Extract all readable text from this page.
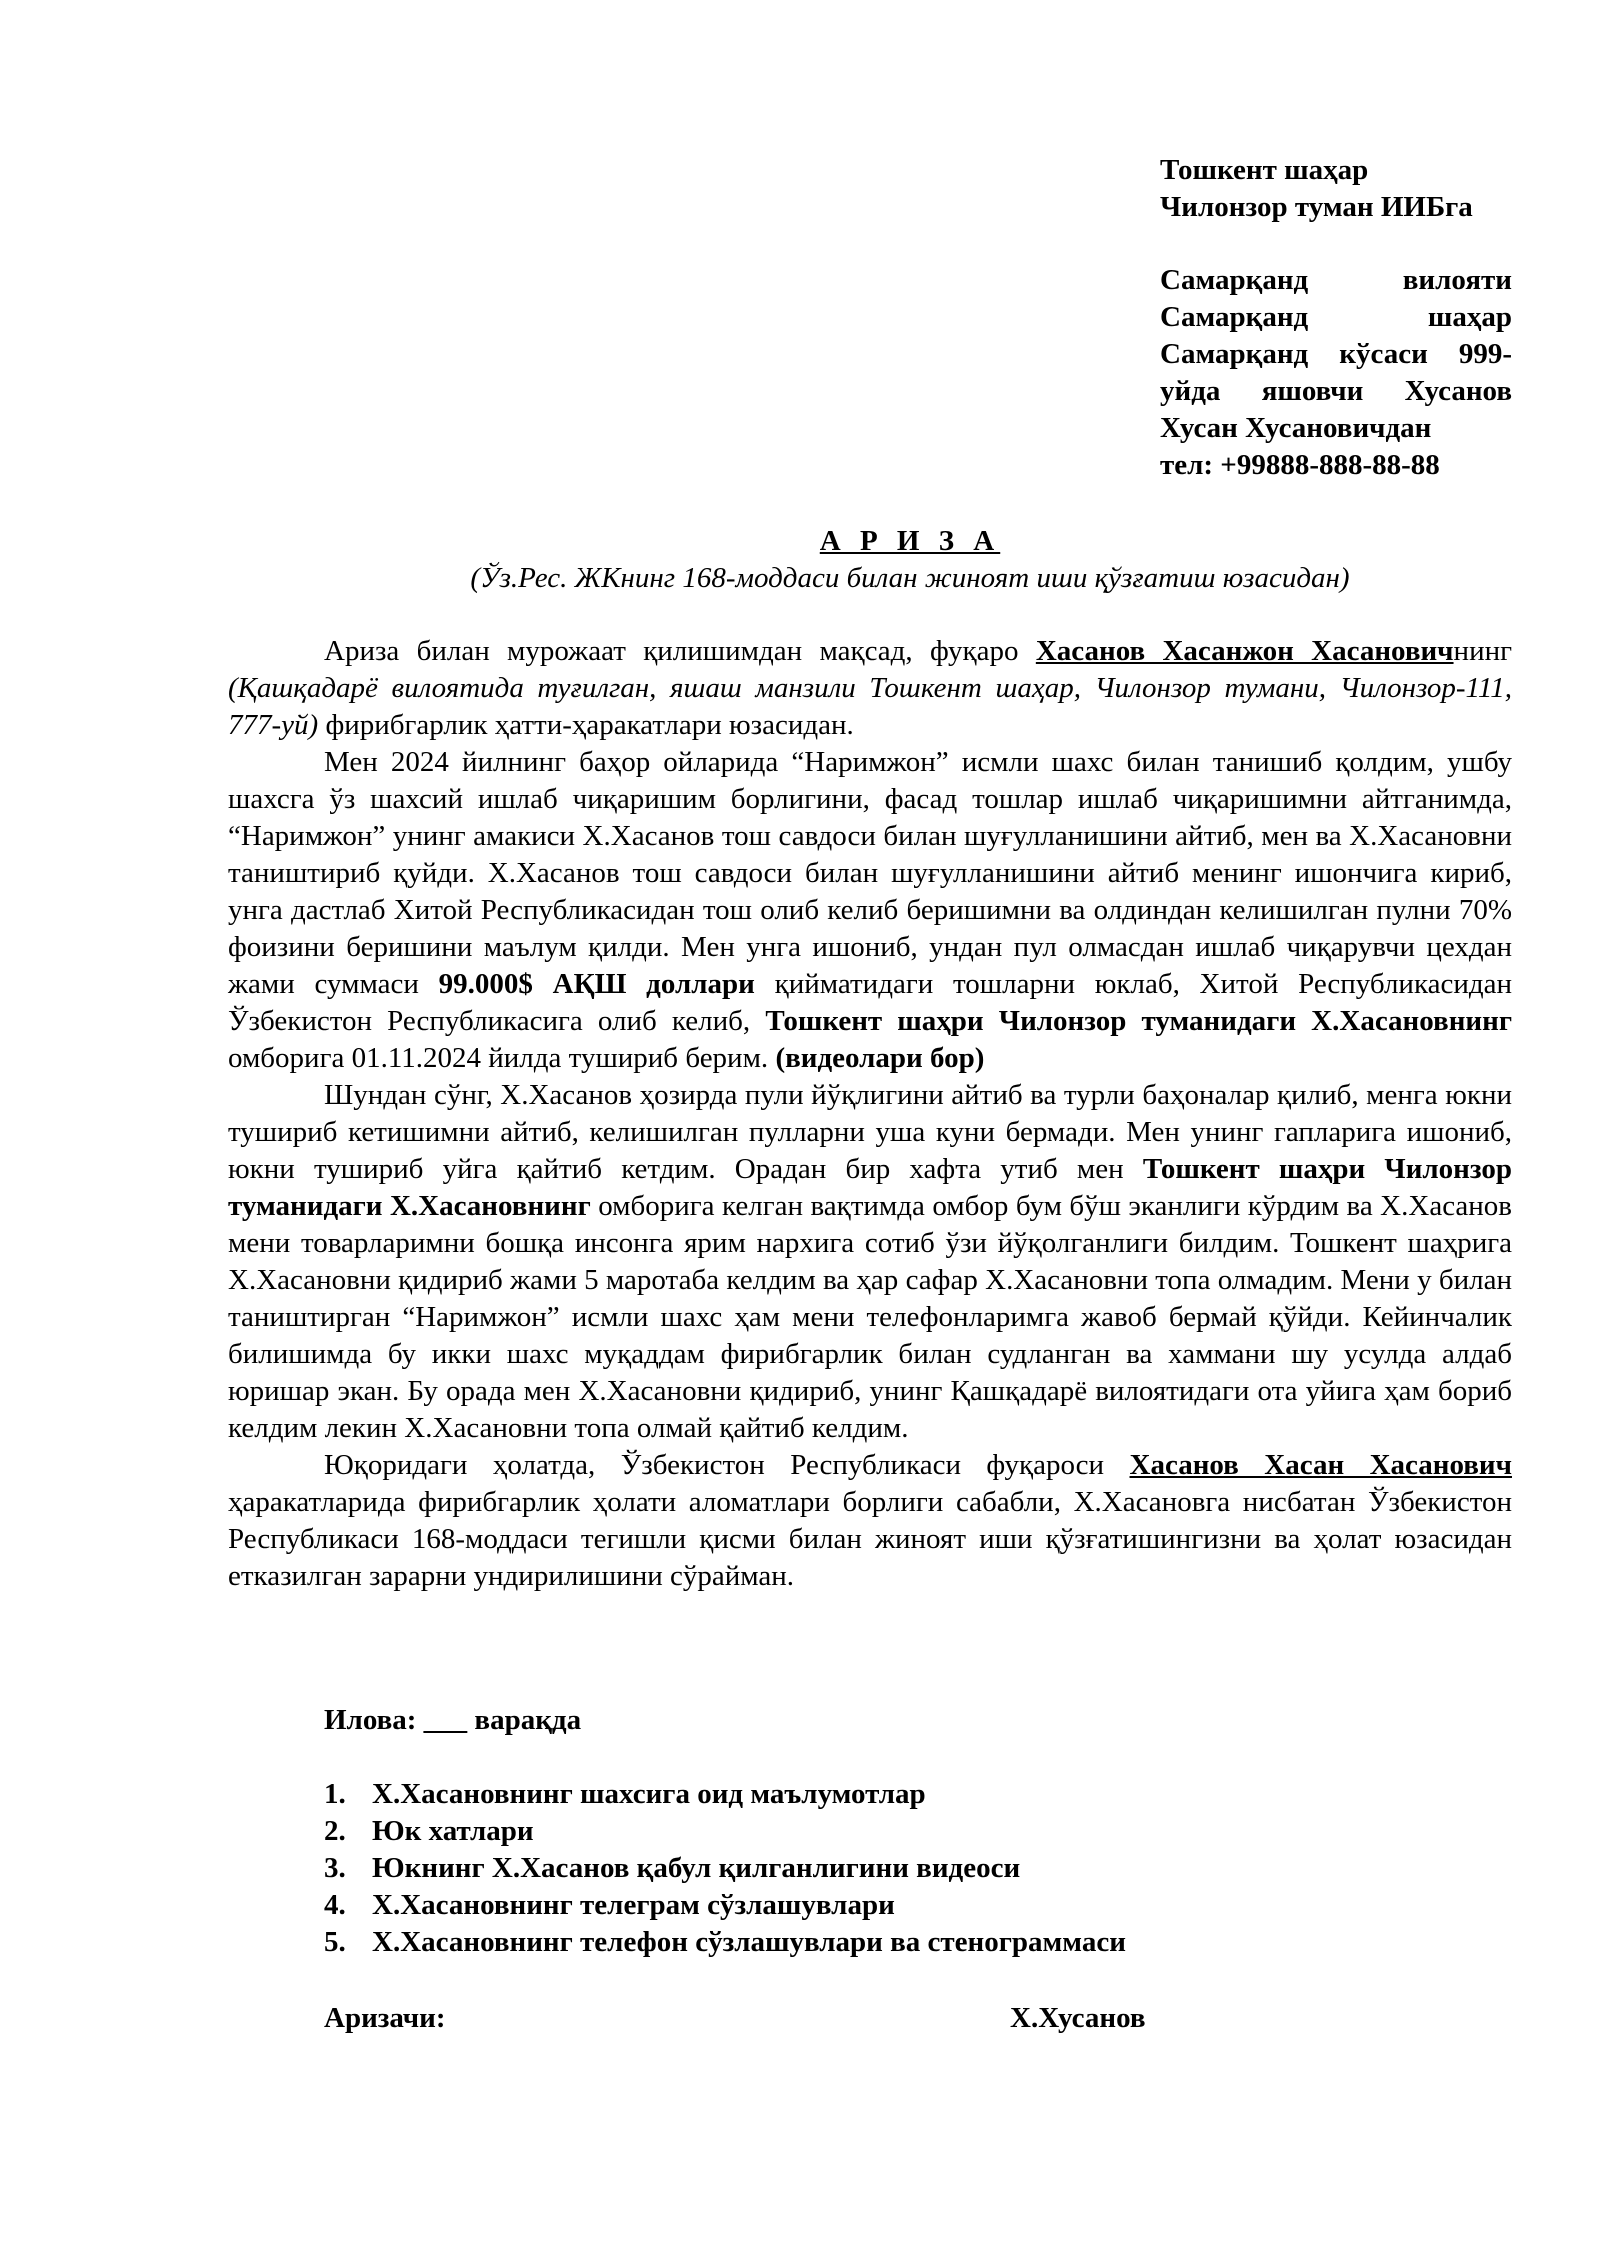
Тошкент шаҳар
Чилонзор туман ИИБга
Самарқанд	вилояти
Самарқанд	шаҳар
Самарқанд кўсаси 999-
уйда яшовчи Хусанов
Хусан Хусановичдан
тел: +99888-888-88-88
А Р И З А
(Ўз.Рес. ЖКнинг 168-моддаси билан жиноят иши қўзғатиш юзасидан)

Ариза билан мурожаат қилишимдан мақсад, фуқаро Хасанов Хасанжон Хасановичнинг (Қашқадарё вилоятида туғилган, яшаш манзили Тошкент шаҳар, Чилонзор тумани, Чилонзор-111, 777-уй) фирибгарлик ҳатти-ҳаракатлари юзасидан.

Мен 2024 йилнинг баҳор ойларида “Наримжон” исмли шахс билан танишиб қолдим, ушбу шахсга ўз шахсий ишлаб чиқаришим борлигини, фасад тошлар ишлаб чиқаришимни айтганимда, “Наримжон” унинг амакиси Х.Хасанов тош савдоси билан шуғулланишини айтиб, мен ва Х.Хасановни таништириб қуйди. Х.Хасанов тош савдоси билан шуғулланишини айтиб менинг ишончига кириб, унга дастлаб Хитой Республикасидан тош олиб келиб беришимни ва олдиндан келишилган пулни 70% фоизини беришини маълум қилди. Мен унга ишониб, ундан пул олмасдан ишлаб чиқарувчи цехдан жами суммаси 99.000$ АҚШ доллари қийматидаги тошларни юклаб, Хитой Республикасидан Ўзбекистон Республикасига олиб келиб, Тошкент шаҳри Чилонзор туманидаги Х.Хасановнинг омборига 01.11.2024 йилда тушириб берим. (видеолари бор)

Шундан сўнг, Х.Хасанов ҳозирда пули йўқлигини айтиб ва турли баҳоналар қилиб, менга юкни тушириб кетишимни айтиб, келишилган пулларни уша куни бермади. Мен унинг гапларига ишониб, юкни тушириб уйга қайтиб кетдим. Орадан бир хафта утиб мен Тошкент шаҳри Чилонзор туманидаги Х.Хасановнинг омборига келган вақтимда омбор бум бўш эканлиги кўрдим ва Х.Хасанов мени товарларимни бошқа инсонга ярим нархига сотиб ўзи йўқолганлиги билдим. Тошкент шаҳрига Х.Хасановни қидириб жами 5 маротаба келдим ва ҳар сафар Х.Хасановни топа олмадим. Мени у билан таништирган “Наримжон” исмли шахс ҳам мени телефонларимга жавоб бермай қўйди. Кейинчалик билишимда бу икки шахс муқаддам фирибгарлик билан судланган ва хаммани шу усулда алдаб юришар экан. Бу орада мен Х.Хасановни қидириб, унинг Қашқадарё вилоятидаги ота уйига ҳам бориб келдим лекин Х.Хасановни топа олмай қайтиб келдим.

Юқоридаги ҳолатда, Ўзбекистон Республикаси фуқароси Хасанов Хасан Хасанович ҳаракатларида фирибгарлик ҳолати аломатлари борлиги сабабли, Х.Хасановга нисбатан Ўзбекистон Республикаси 168-моддаси тегишли қисми билан жиноят иши қўзғатишингизни ва ҳолат юзасидан етказилган зарарни ундирилишини сўрайман.

Илова: ___ варақда
1. Х.Хасановнинг шахсига оид маълумотлар
2. Юк хатлари
3. Юкнинг Х.Хасанов қабул қилганлигини видеоси
4. Х.Хасановнинг телеграм сўзлашувлари
5. Х.Хасановнинг телефон сўзлашувлари ва стенограммаси
Аризачи:	Х.Хусанов
